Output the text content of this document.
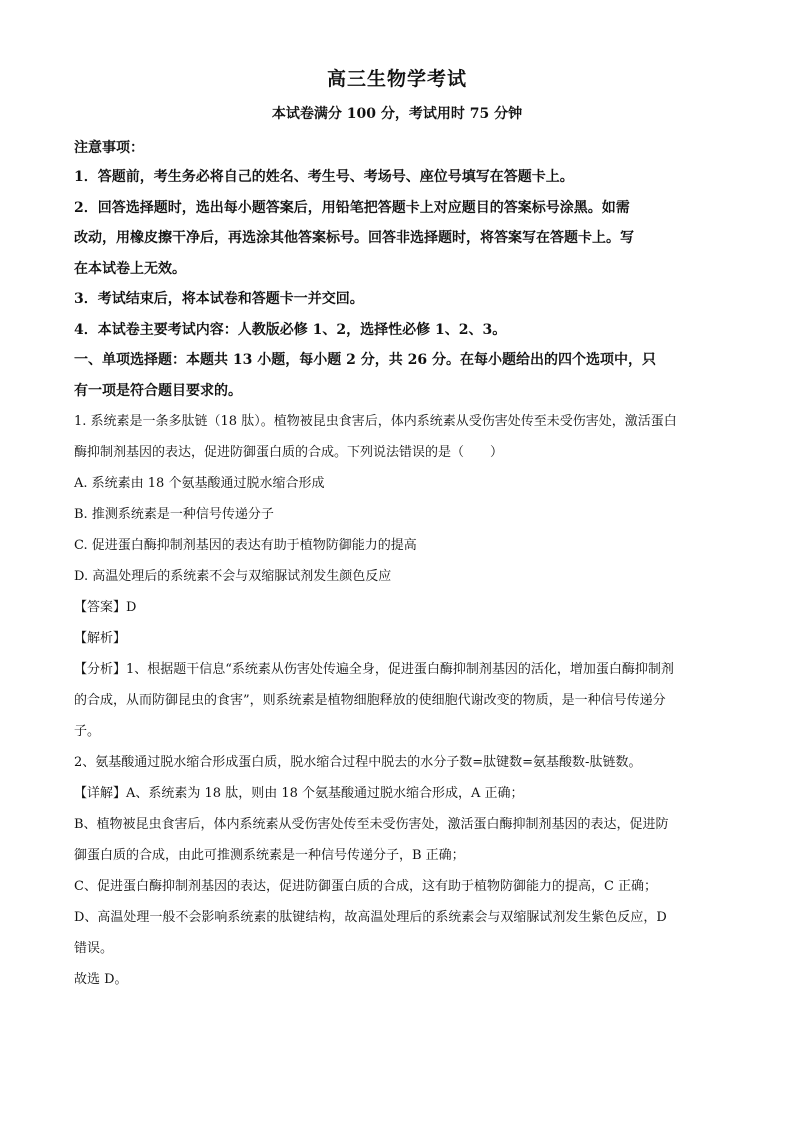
高三生物学考试
本试卷满分 100 分，考试用时 75 分钟

注意事项：

1．答题前，考生务必将自己的姓名、考生号、考场号、座位号填写在答题卡上。

2．回答选择题时，选出每小题答案后，用铅笔把答题卡上对应题目的答案标号涂黑。如需

改动，用橡皮擦干净后，再选涂其他答案标号。回答非选择题时，将答案写在答题卡上。写

在本试卷上无效。

3．考试结束后，将本试卷和答题卡一并交回。

4．本试卷主要考试内容：人教版必修 1、2，选择性必修 1、2、3。

一、单项选择题：本题共 13 小题，每小题 2 分，共 26 分。在每小题给出的四个选项中，只

有一项是符合题目要求的。

1. 系统素是一条多肽链（18 肽）。植物被昆虫食害后，体内系统素从受伤害处传至未受伤害处，激活蛋白

酶抑制剂基因的表达，促进防御蛋白质的合成。下列说法错误的是（　　）

A. 系统素由 18 个氨基酸通过脱水缩合形成

B. 推测系统素是一种信号传递分子

C. 促进蛋白酶抑制剂基因的表达有助于植物防御能力的提高

D. 高温处理后的系统素不会与双缩脲试剂发生颜色反应

【答案】D

【解析】

【分析】1、根据题干信息“系统素从伤害处传遍全身，促进蛋白酶抑制剂基因的活化，增加蛋白酶抑制剂

的合成，从而防御昆虫的食害”，则系统素是植物细胞释放的使细胞代谢改变的物质，是一种信号传递分

子。

2、氨基酸通过脱水缩合形成蛋白质，脱水缩合过程中脱去的水分子数=肽键数=氨基酸数-肽链数。

【详解】A、系统素为 18 肽，则由 18 个氨基酸通过脱水缩合形成，A 正确；

B、植物被昆虫食害后，体内系统素从受伤害处传至未受伤害处，激活蛋白酶抑制剂基因的表达，促进防

御蛋白质的合成，由此可推测系统素是一种信号传递分子，B 正确；

C、促进蛋白酶抑制剂基因的表达，促进防御蛋白质的合成，这有助于植物防御能力的提高，C 正确；

D、高温处理一般不会影响系统素的肽键结构，故高温处理后的系统素会与双缩脲试剂发生紫色反应，D

错误。

故选 D。
